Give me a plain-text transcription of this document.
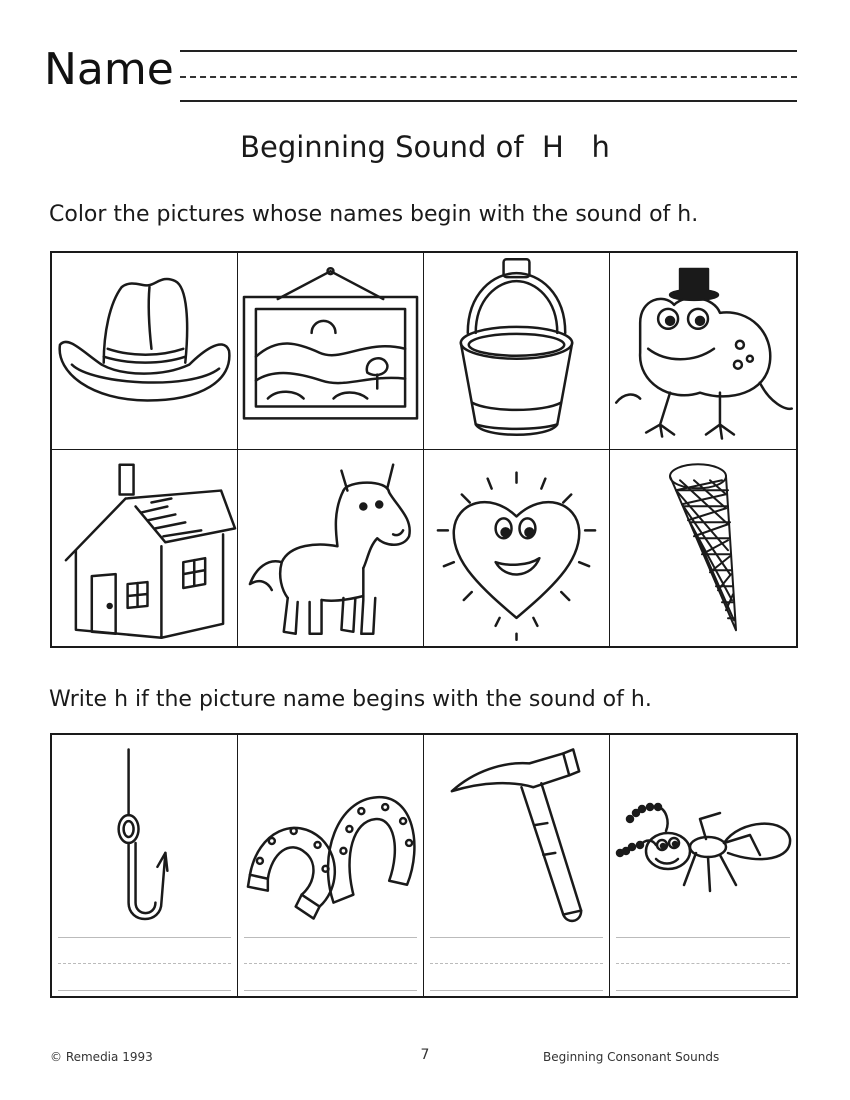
Name
Beginning Sound of  H   h
Color the pictures whose names begin with the sound of h.
Write h if the picture name begins with the sound of h.
© Remedia 1993	7	Beginning Consonant Sounds
